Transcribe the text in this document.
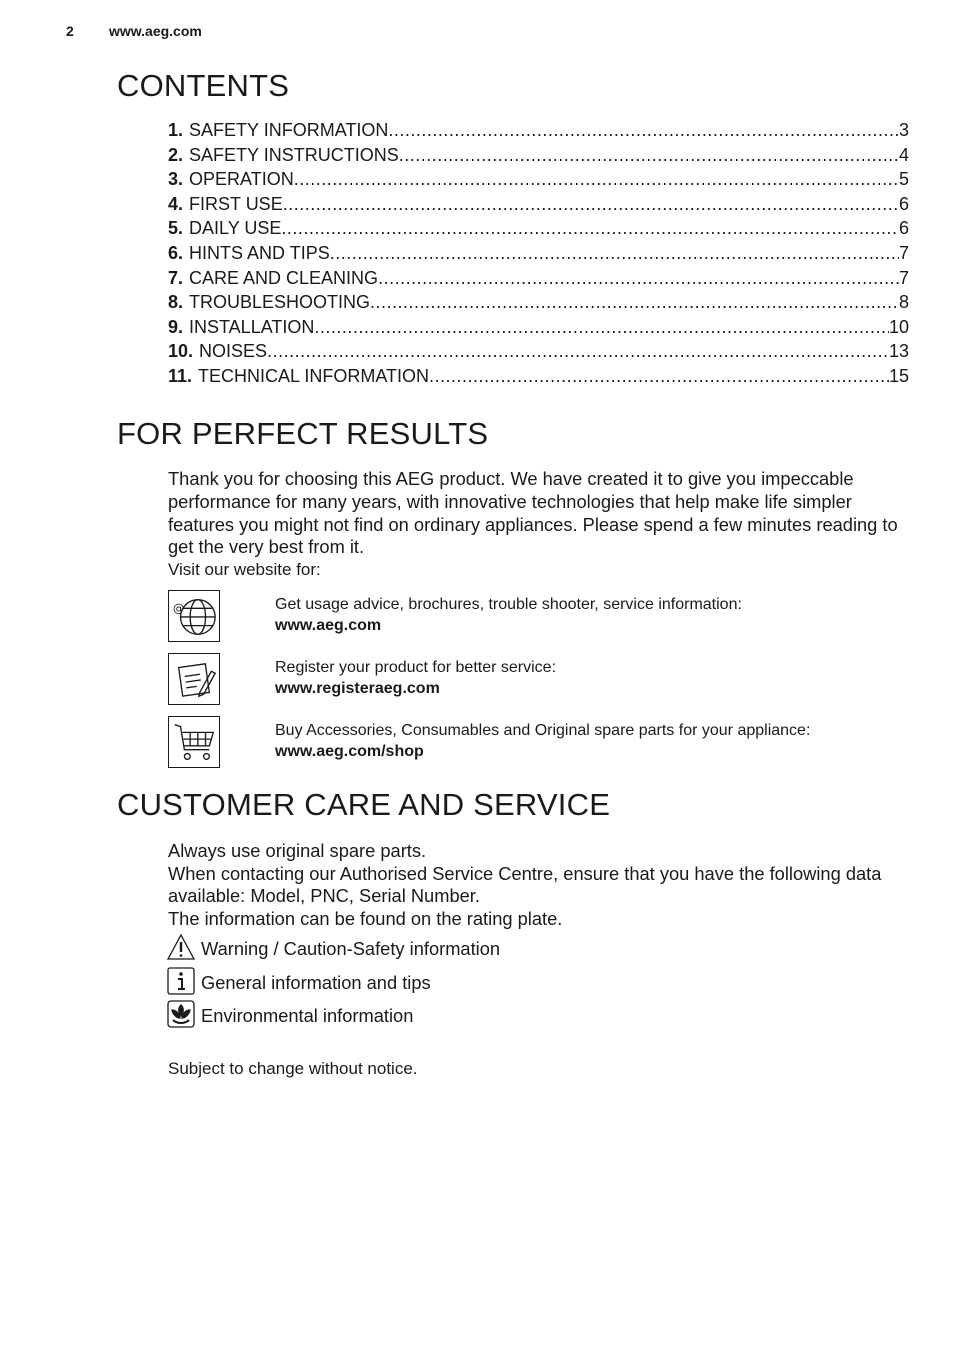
2	www.aeg.com
CONTENTS
1. SAFETY INFORMATION .....	3
2. SAFETY INSTRUCTIONS .....	4
3. OPERATION .....	5
4. FIRST USE .....	6
5. DAILY USE .....	6
6. HINTS AND TIPS .....	7
7. CARE AND CLEANING .....	7
8. TROUBLESHOOTING .....	8
9. INSTALLATION .....	10
10. NOISES .....	13
11. TECHNICAL INFORMATION .....	15
FOR PERFECT RESULTS

Thank you for choosing this AEG product. We have created it to give you impeccable performance for many years, with innovative technologies that help make life simpler features you might not find on ordinary appliances. Please spend a few minutes reading to get the very best from it.

Visit our website for:

@	Get usage advice, brochures, trouble shooter, service information:
www.aeg.com
Register your product for better service:
www.registeraeg.com
Buy Accessories, Consumables and Original spare parts for your appliance:
www.aeg.com/shop
CUSTOMER CARE AND SERVICE
Always use original spare parts.
When contacting our Authorised Service Centre, ensure that you have the following data available: Model, PNC, Serial Number.
The information can be found on the rating plate.
Warning / Caution-Safety information
General information and tips
Environmental information

Subject to change without notice.
